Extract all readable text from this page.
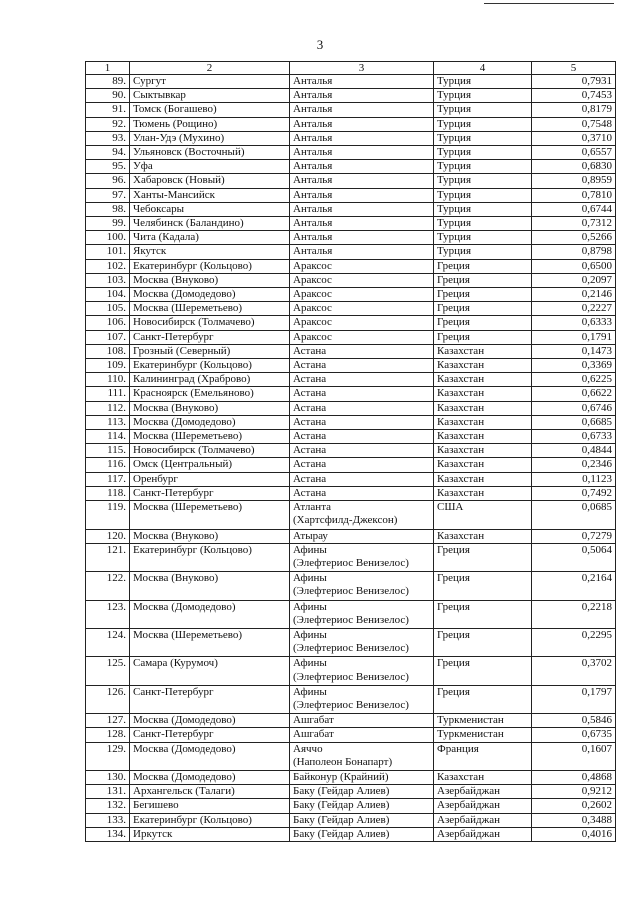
3
1	2	3	4	5
89.	Сургут	Анталья	Турция	0,7931
90.	Сыктывкар	Анталья	Турция	0,7453
91.	Томск (Богашево)	Анталья	Турция	0,8179
92.	Тюмень (Рощино)	Анталья	Турция	0,7548
93.	Улан-Удэ (Мухино)	Анталья	Турция	0,3710
94.	Ульяновск (Восточный)	Анталья	Турция	0,6557
95.	Уфа	Анталья	Турция	0,6830
96.	Хабаровск (Новый)	Анталья	Турция	0,8959
97.	Ханты-Мансийск	Анталья	Турция	0,7810
98.	Чебоксары	Анталья	Турция	0,6744
99.	Челябинск (Баландино)	Анталья	Турция	0,7312
100.	Чита (Кадала)	Анталья	Турция	0,5266
101.	Якутск	Анталья	Турция	0,8798
102.	Екатеринбург (Кольцово)	Араксос	Греция	0,6500
103.	Москва (Внуково)	Араксос	Греция	0,2097
104.	Москва (Домодедово)	Араксос	Греция	0,2146
105.	Москва (Шереметьево)	Араксос	Греция	0,2227
106.	Новосибирск (Толмачево)	Араксос	Греция	0,6333
107.	Санкт-Петербург	Араксос	Греция	0,1791
108.	Грозный (Северный)	Астана	Казахстан	0,1473
109.	Екатеринбург (Кольцово)	Астана	Казахстан	0,3369
110.	Калининград (Храброво)	Астана	Казахстан	0,6225
111.	Красноярск (Емельяново)	Астана	Казахстан	0,6622
112.	Москва (Внуково)	Астана	Казахстан	0,6746
113.	Москва (Домодедово)	Астана	Казахстан	0,6685
114.	Москва (Шереметьево)	Астана	Казахстан	0,6733
115.	Новосибирск (Толмачево)	Астана	Казахстан	0,4844
116.	Омск (Центральный)	Астана	Казахстан	0,2346
117.	Оренбург	Астана	Казахстан	0,1123
118.	Санкт-Петербург	Астана	Казахстан	0,7492
119.	Москва (Шереметьево)	Атланта
(Хартсфилд-Джексон)	США	0,0685
120.	Москва (Внуково)	Атырау	Казахстан	0,7279
121.	Екатеринбург (Кольцово)	Афины
(Элефтериос Венизелос)	Греция	0,5064
122.	Москва (Внуково)	Афины
(Элефтериос Венизелос)	Греция	0,2164
123.	Москва (Домодедово)	Афины
(Элефтериос Венизелос)	Греция	0,2218
124.	Москва (Шереметьево)	Афины
(Элефтериос Венизелос)	Греция	0,2295
125.	Самара (Курумоч)	Афины
(Элефтериос Венизелос)	Греция	0,3702
126.	Санкт-Петербург	Афины
(Элефтериос Венизелос)	Греция	0,1797
127.	Москва (Домодедово)	Ашгабат	Туркменистан	0,5846
128.	Санкт-Петербург	Ашгабат	Туркменистан	0,6735
129.	Москва (Домодедово)	Аяччо
(Наполеон Бонапарт)	Франция	0,1607
130.	Москва (Домодедово)	Байконур (Крайний)	Казахстан	0,4868
131.	Архангельск (Талаги)	Баку (Гейдар Алиев)	Азербайджан	0,9212
132.	Бегишево	Баку (Гейдар Алиев)	Азербайджан	0,2602
133.	Екатеринбург (Кольцово)	Баку (Гейдар Алиев)	Азербайджан	0,3488
134.	Иркутск	Баку (Гейдар Алиев)	Азербайджан	0,4016
